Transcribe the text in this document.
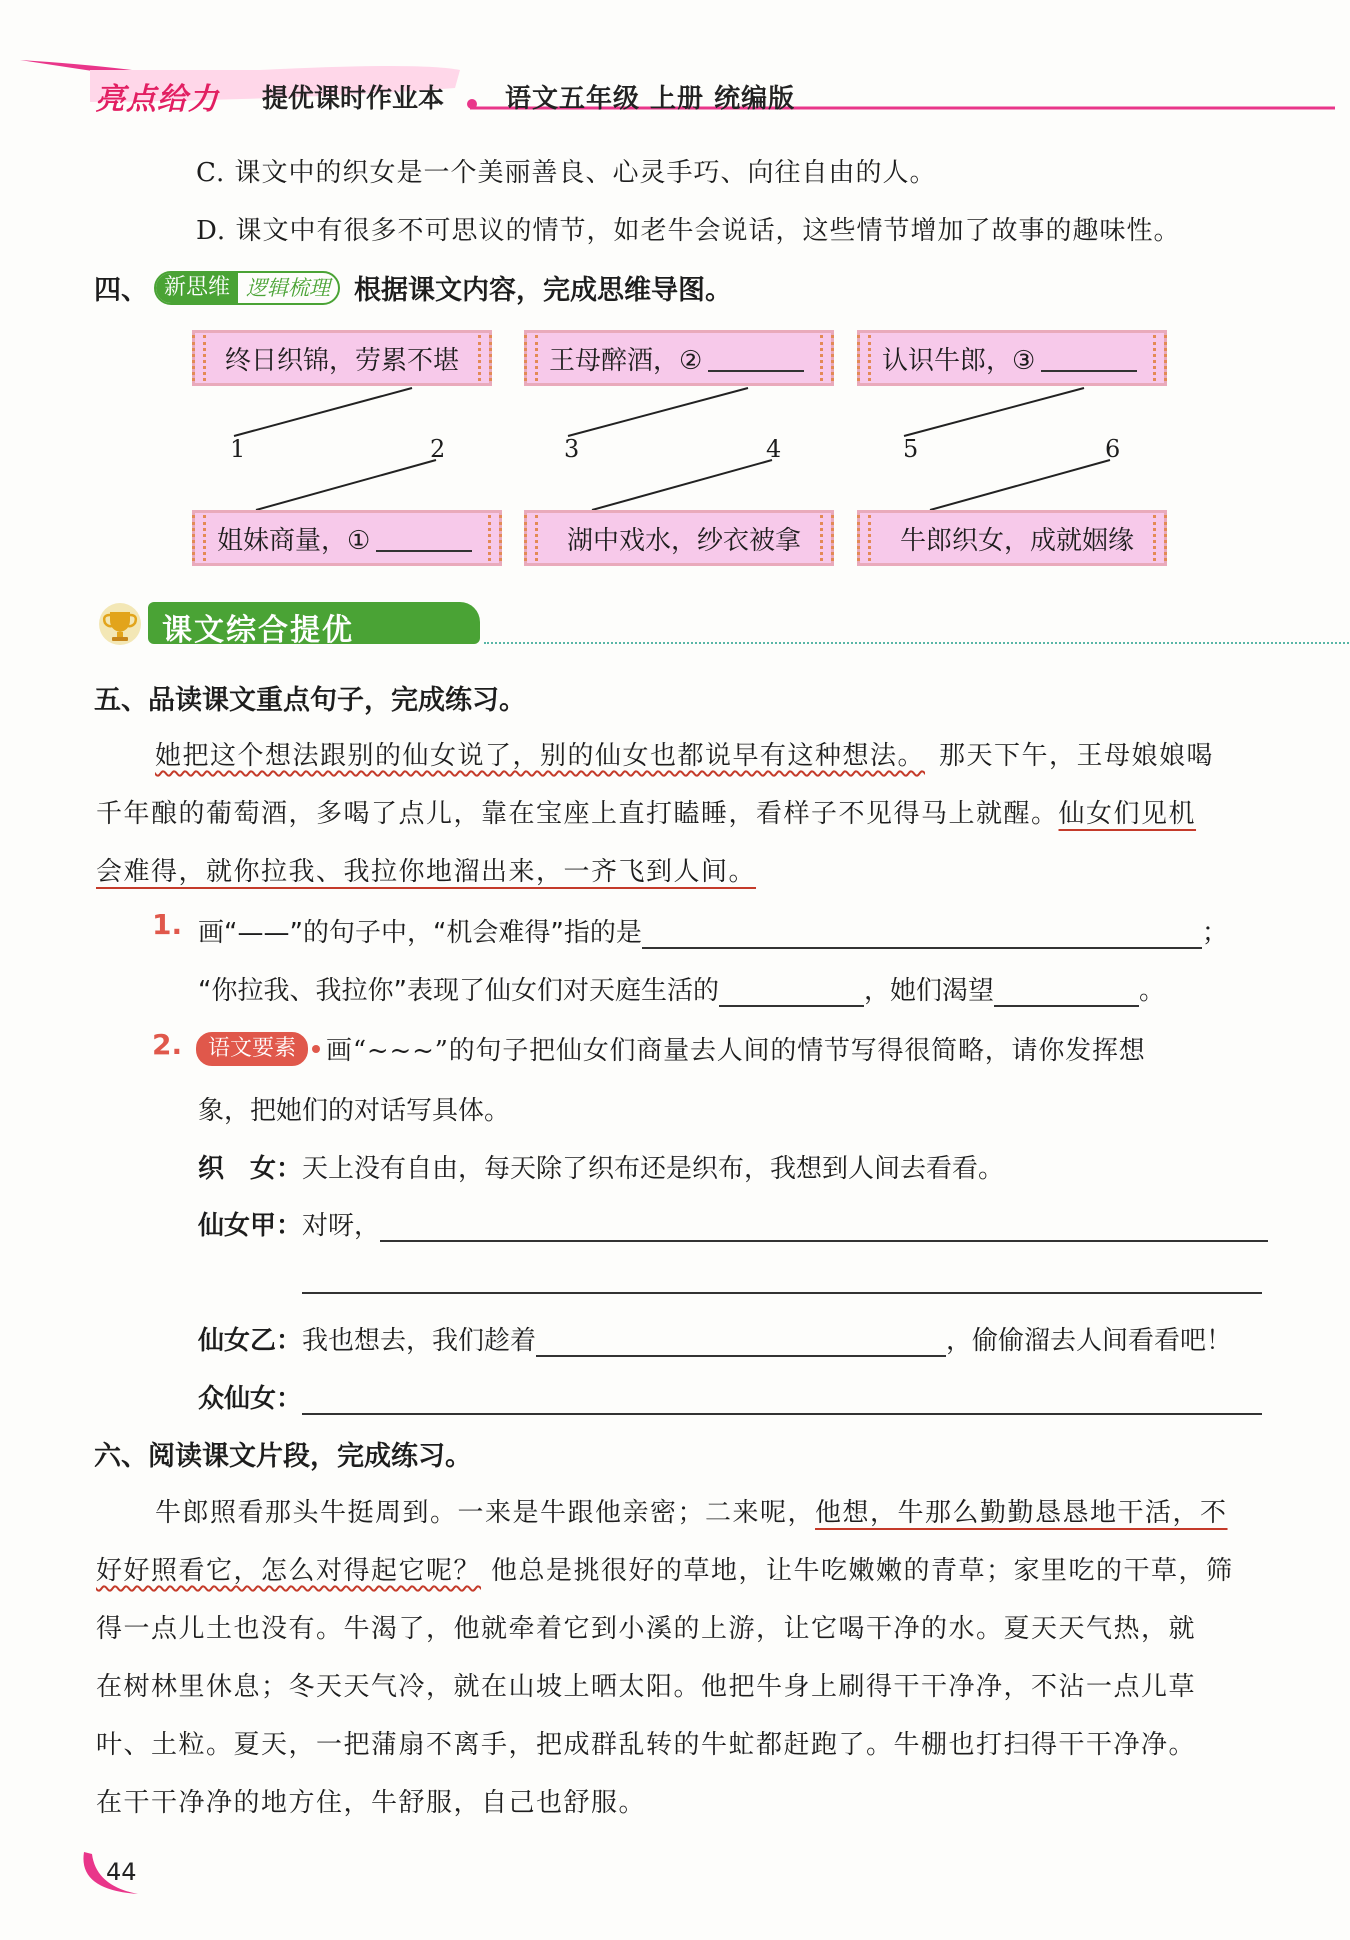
亮点给力 提优课时作业本 语文五年级 上册 统编版
C. 课文中的织女是一个美丽善良、心灵手巧、向往自由的人。
D. 课文中有很多不可思议的情节，如老牛会说话，这些情节增加了故事的趣味性。
四、 新思维 逻辑梳理 根据课文内容，完成思维导图。
终日织锦，劳累不堪	王母醉酒，②	认识牛郎，③
1	2	3	4	5	6
姐妹商量，①	湖中戏水，纱衣被拿	牛郎织女，成就姻缘
课文综合提优
五、品读课文重点句子，完成练习。
她把这个想法跟别的仙女说了，别的仙女也都说早有这种想法。 那天下午，王母娘娘喝
千年酿的葡萄酒，多喝了点儿，靠在宝座上直打瞌睡，看样子不见得马上就醒。仙女们见机
会难得，就你拉我、我拉你地溜出来，一齐飞到人间。
1. 画“——”的句子中，“机会难得”指的是	；
“你拉我、我拉你”表现了仙女们对天庭生活的	，她们渴望	。
2.	语文要素	画“~~~”的句子把仙女们商量去人间的情节写得很简略，请你发挥想
象，把她们的对话写具体。
织　女：天上没有自由，每天除了织布还是织布，我想到人间去看看。
仙女甲：对呀，
仙女乙：我也想去，我们趁着	，偷偷溜去人间看看吧！
众仙女：
六、阅读课文片段，完成练习。
牛郎照看那头牛挺周到。一来是牛跟他亲密；二来呢，他想，牛那么勤勤恳恳地干活，不
好好照看它，怎么对得起它呢？ 他总是挑很好的草地，让牛吃嫩嫩的青草；家里吃的干草，筛
得一点儿土也没有。牛渴了，他就牵着它到小溪的上游，让它喝干净的水。夏天天气热，就
在树林里休息；冬天天气冷，就在山坡上晒太阳。他把牛身上刷得干干净净，不沾一点儿草
叶、土粒。夏天，一把蒲扇不离手，把成群乱转的牛虻都赶跑了。牛棚也打扫得干干净净。
在干干净净的地方住，牛舒服，自己也舒服。
44
